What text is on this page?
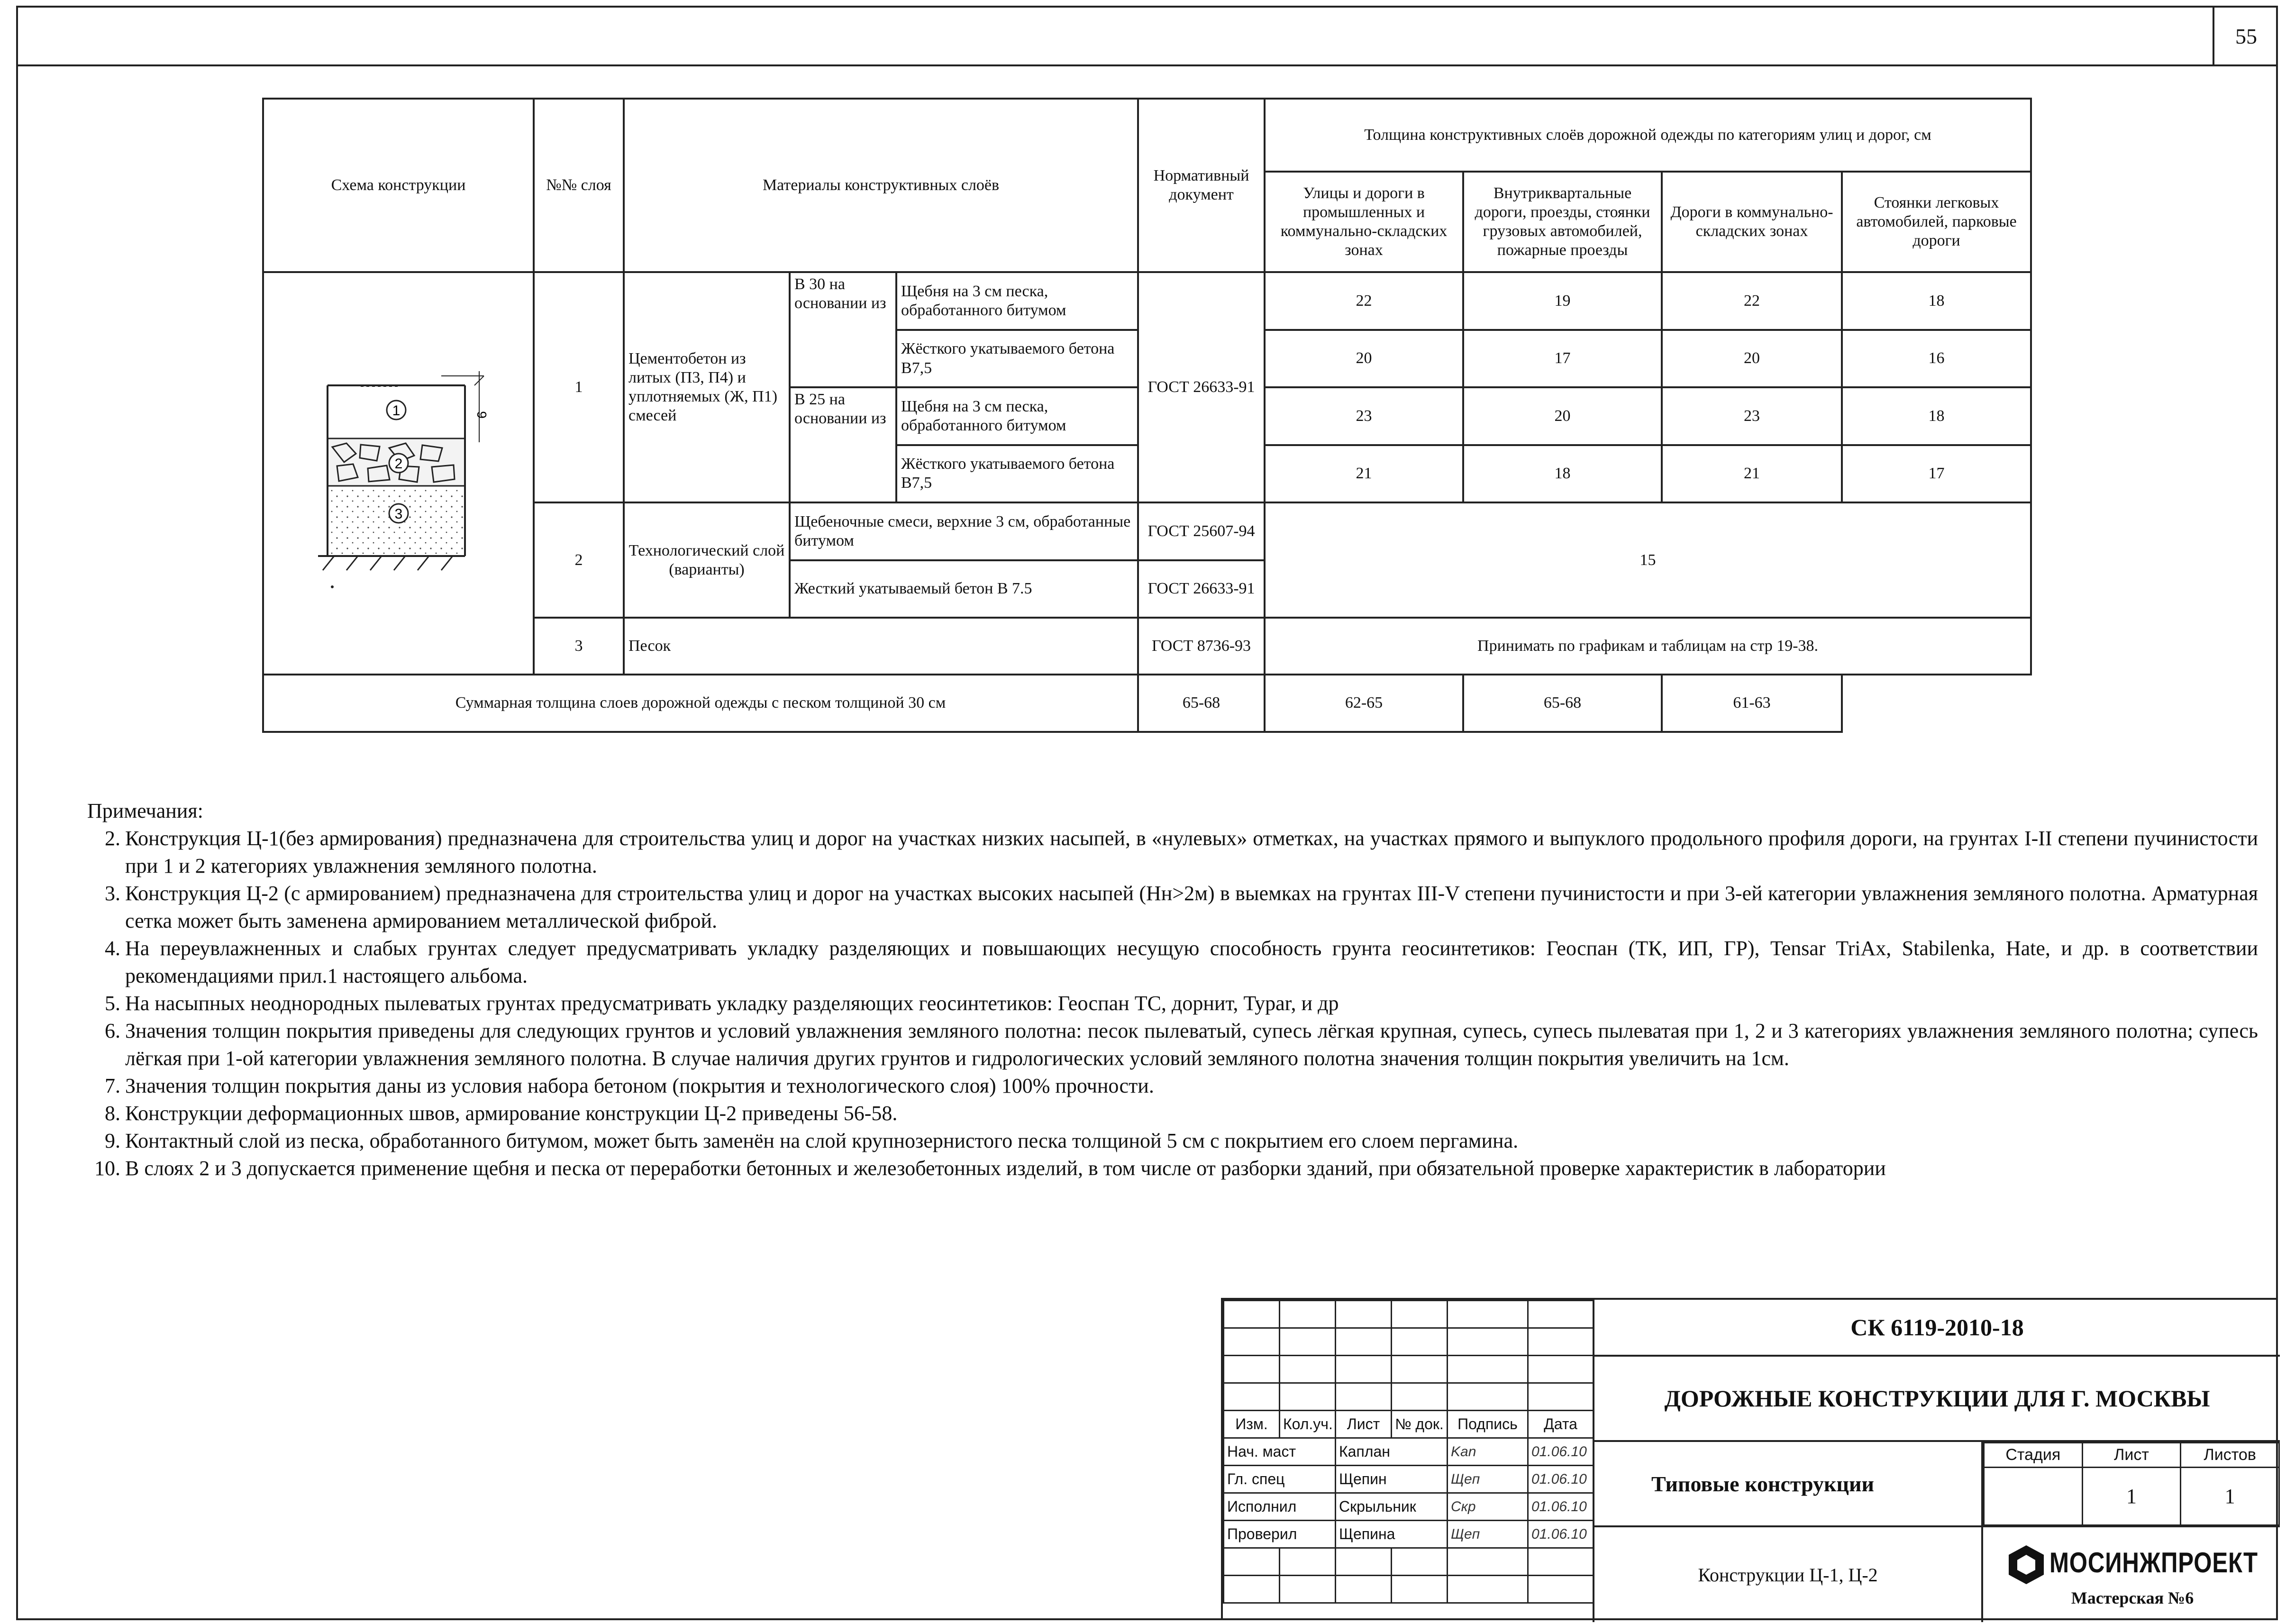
55
Схема конструкции	№№ слоя	Материалы конструктивных слоёв			Нормативный документ	Толщина конструктивных слоёв дорожной одежды по категориям улиц и дорог, см			
						Улицы и дороги в промышленных и коммунально-складских зонах	Внутриквартальные дороги, проезды, стоянки грузовых автомобилей, пожарные проезды	Дороги в коммунально-складских зонах	Стоянки легковых автомобилей, парковые дороги

1
2
3
6	1	Цементобетон из литых (П3, П4) и уплотняемых (Ж, П1) смесей	В 30 на основании из	Щебня на 3 см песка, обработанного битумом	ГОСТ 26633-91	22	19	22	18
				Жёсткого укатываемого бетона В7,5		20	17	20	16
			В 25 на основании из	Щебня на 3 см песка, обработанного битумом		23	20	23	18
				Жёсткого укатываемого бетона В7,5		21	18	21	17
	2	Технологический слой (варианты)	Щебеночные смеси, верхние 3 см, обработанные битумом		ГОСТ 25607-94	15			
			Жесткий укатываемый бетон В 7.5		ГОСТ 26633-91				
	3	Песок			ГОСТ 8736-93	Принимать по графикам и таблицам на стр 19-38.			
Суммарная толщина слоев дорожной одежды с песком толщиной 30 см					65-68	62-65	65-68	61-63	

Примечания:

2. Конструкция Ц-1(без армирования) предназначена для строительства улиц и дорог на участках низких насыпей, в «нулевых» отметках, на участках прямого и выпуклого продольного профиля дороги, на грунтах I-II степени пучинистости при 1 и 2 категориях увлажнения земляного полотна.
3. Конструкция Ц-2 (с армированием) предназначена для строительства улиц и дорог на участках высоких насыпей (Нн>2м) в выемках на грунтах III-V степени пучинистости и при 3-ей категории увлажнения земляного полотна. Арматурная сетка может быть заменена армированием металлической фиброй.
4. На переувлажненных и слабых грунтах следует предусматривать укладку разделяющих и повышающих несущую способность грунта геосинтетиков: Геоспан (ТК, ИП, ГР), Tensar TriAx, Stabilenka, Hate, и др. в соответствии рекомендациями прил.1 настоящего альбома.
5. На насыпных неоднородных пылеватых грунтах предусматривать укладку разделяющих геосинтетиков: Геоспан ТС, дорнит, Typar, и др
6. Значения толщин покрытия приведены для следующих грунтов и условий увлажнения земляного полотна: песок пылеватый, супесь лёгкая крупная, супесь, супесь пылеватая при 1, 2 и 3 категориях увлажнения земляного полотна; супесь лёгкая при 1-ой категории увлажнения земляного полотна. В случае наличия других грунтов и гидрологических условий земляного полотна значения толщин покрытия увеличить на 1см.
7. Значения толщин покрытия даны из условия набора бетоном (покрытия и технологического слоя) 100% прочности.
8. Конструкции деформационных швов, армирование конструкции Ц-2 приведены 56-58.
9. Контактный слой из песка, обработанного битумом, может быть заменён на слой крупнозернистого песка толщиной 5 см с покрытием его слоем пергамина.
10. В слоях 2 и 3 допускается применение щебня и песка от переработки бетонных и железобетонных изделий, в том числе от разборки зданий, при обязательной проверке характеристик в лаборатории

Изм.	Кол.уч.	Лист	№ док.	Подпись	Дата
Нач. маст		Каплан		Kan	01.06.10
Гл. спец		Щепин		Щеп	01.06.10
Исполнил		Скрыльник		Скр	01.06.10
Проверил		Щепина		Щеп	01.06.10

СК 6119-2010-18
ДОРОЖНЫЕ КОНСТРУКЦИИ ДЛЯ Г. МОСКВЫ
Типовые конструкции
Стадия	Лист	Листов
	1	1
Конструкции Ц-1, Ц-2	МОСИНЖПРОЕКТ
Мастерская №6
